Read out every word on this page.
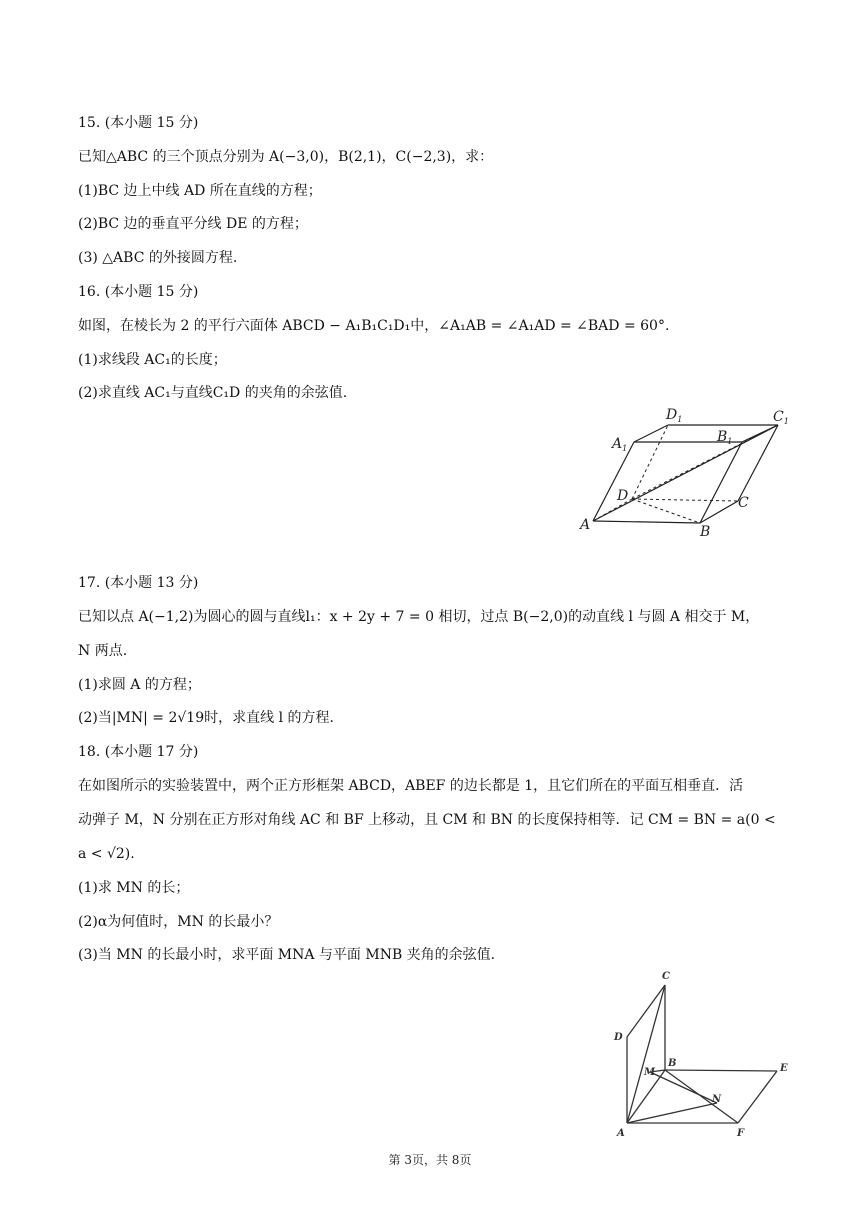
15. (本小题 15 分)
已知△ABC 的三个顶点分别为 A(−3,0)，B(2,1)，C(−2,3)，求：
(1)BC 边上中线 AD 所在直线的方程；
(2)BC 边的垂直平分线 DE 的方程；
(3) △ABC 的外接圆方程.
16. (本小题 15 分)
如图，在棱长为 2 的平行六面体 ABCD − A₁B₁C₁D₁中，∠A₁AB = ∠A₁AD = ∠BAD = 60°.
(1)求线段 AC₁的长度；
(2)求直线 AC₁与直线C₁D 的夹角的余弦值.
$D_1$	$C_1$
$A_1$
$B_1$
D	C
A	B
17. (本小题 13 分)
已知以点 A(−1,2)为圆心的圆与直线l₁：x + 2y + 7 = 0 相切，过点 B(−2,0)的动直线 l 与圆 A 相交于 M，
N 两点.
(1)求圆 A 的方程；
(2)当|MN| = 2√19时，求直线 l 的方程.
18. (本小题 17 分)
在如图所示的实验装置中，两个正方形框架 ABCD，ABEF 的边长都是 1，且它们所在的平面互相垂直．活
动弹子 M，N 分别在正方形对角线 AC 和 BF 上移动，且 CM 和 BN 的长度保持相等．记 CM = BN = a(0 <
a < √2).
(1)求 MN 的长；
(2)α为何值时，MN 的长最小？
(3)当 MN 的长最小时，求平面 MNA 与平面 MNB 夹角的余弦值.
C
D
B	E
M
N
A	F
第 3页，共 8页
